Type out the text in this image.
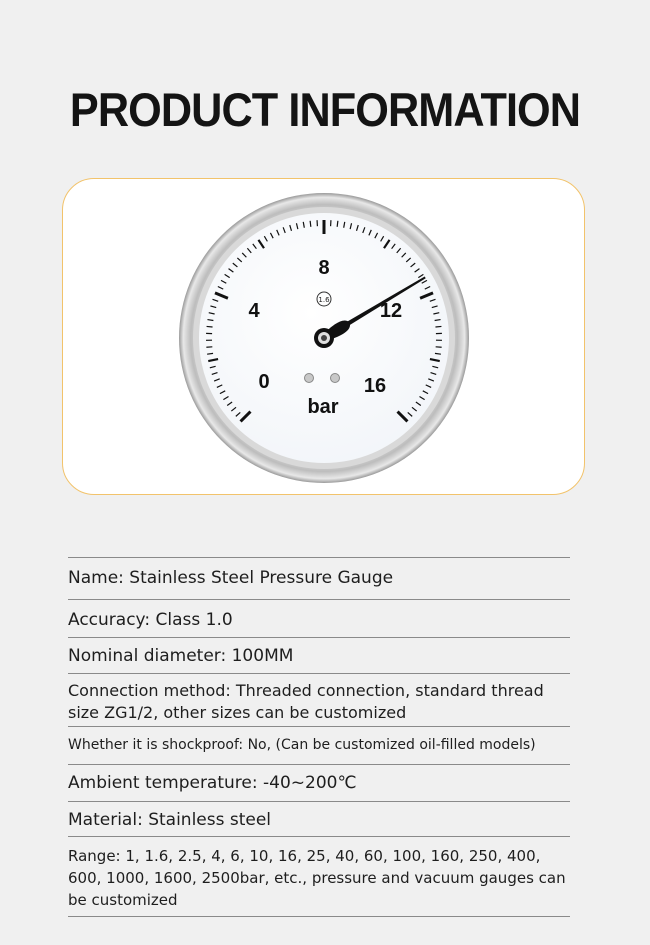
PRODUCT INFORMATION
0
4
8
12
16
bar
1.6
Name: Stainless Steel Pressure Gauge
Accuracy: Class 1.0
Nominal diameter: 100MM
Connection method: Threaded connection, standard thread size ZG1/2, other sizes can be customized
Whether it is shockproof: No, (Can be customized oil-filled models)
Ambient temperature: -40~200℃
Material: Stainless steel
Range: 1, 1.6, 2.5, 4, 6, 10, 16, 25, 40, 60, 100, 160, 250, 400, 600, 1000, 1600, 2500bar, etc., pressure and vacuum gauges can be customized
